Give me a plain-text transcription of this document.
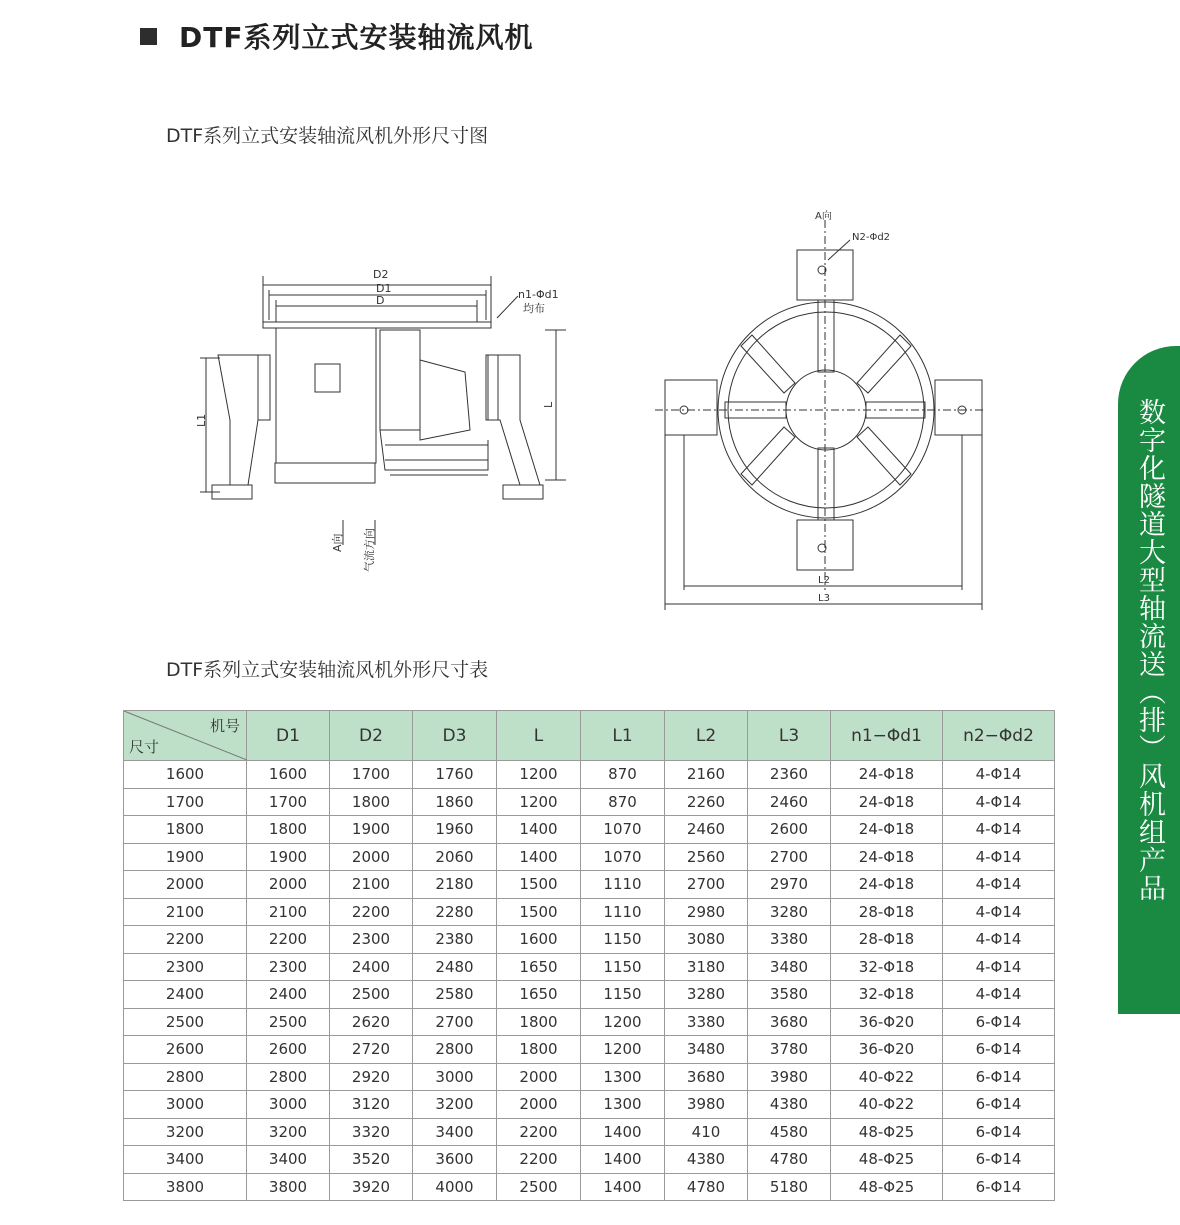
DTF系列立式安装轴流风机
DTF系列立式安装轴流风机外形尺寸图
D2
D1
D	n1-Φd1
均布
L
L1
A向 气流方向
A向
N2-Φd2
L2
L3
DTF系列立式安装轴流风机外形尺寸表
机号
尺寸	D1	D2	D3	L	L1	L2	L3	n1−Φd1	n2−Φd2
1600	1600	1700	1760	1200	870	2160	2360	24-Φ18	4-Φ14
1700	1700	1800	1860	1200	870	2260	2460	24-Φ18	4-Φ14
1800	1800	1900	1960	1400	1070	2460	2600	24-Φ18	4-Φ14
1900	1900	2000	2060	1400	1070	2560	2700	24-Φ18	4-Φ14
2000	2000	2100	2180	1500	1110	2700	2970	24-Φ18	4-Φ14
2100	2100	2200	2280	1500	1110	2980	3280	28-Φ18	4-Φ14
2200	2200	2300	2380	1600	1150	3080	3380	28-Φ18	4-Φ14
2300	2300	2400	2480	1650	1150	3180	3480	32-Φ18	4-Φ14
2400	2400	2500	2580	1650	1150	3280	3580	32-Φ18	4-Φ14
2500	2500	2620	2700	1800	1200	3380	3680	36-Φ20	6-Φ14
2600	2600	2720	2800	1800	1200	3480	3780	36-Φ20	6-Φ14
2800	2800	2920	3000	2000	1300	3680	3980	40-Φ22	6-Φ14
3000	3000	3120	3200	2000	1300	3980	4380	40-Φ22	6-Φ14
3200	3200	3320	3400	2200	1400	410	4580	48-Φ25	6-Φ14
3400	3400	3520	3600	2200	1400	4380	4780	48-Φ25	6-Φ14
3800	3800	3920	4000	2500	1400	4780	5180	48-Φ25	6-Φ14
数字化隧道大型轴流送（排）风机组产品
